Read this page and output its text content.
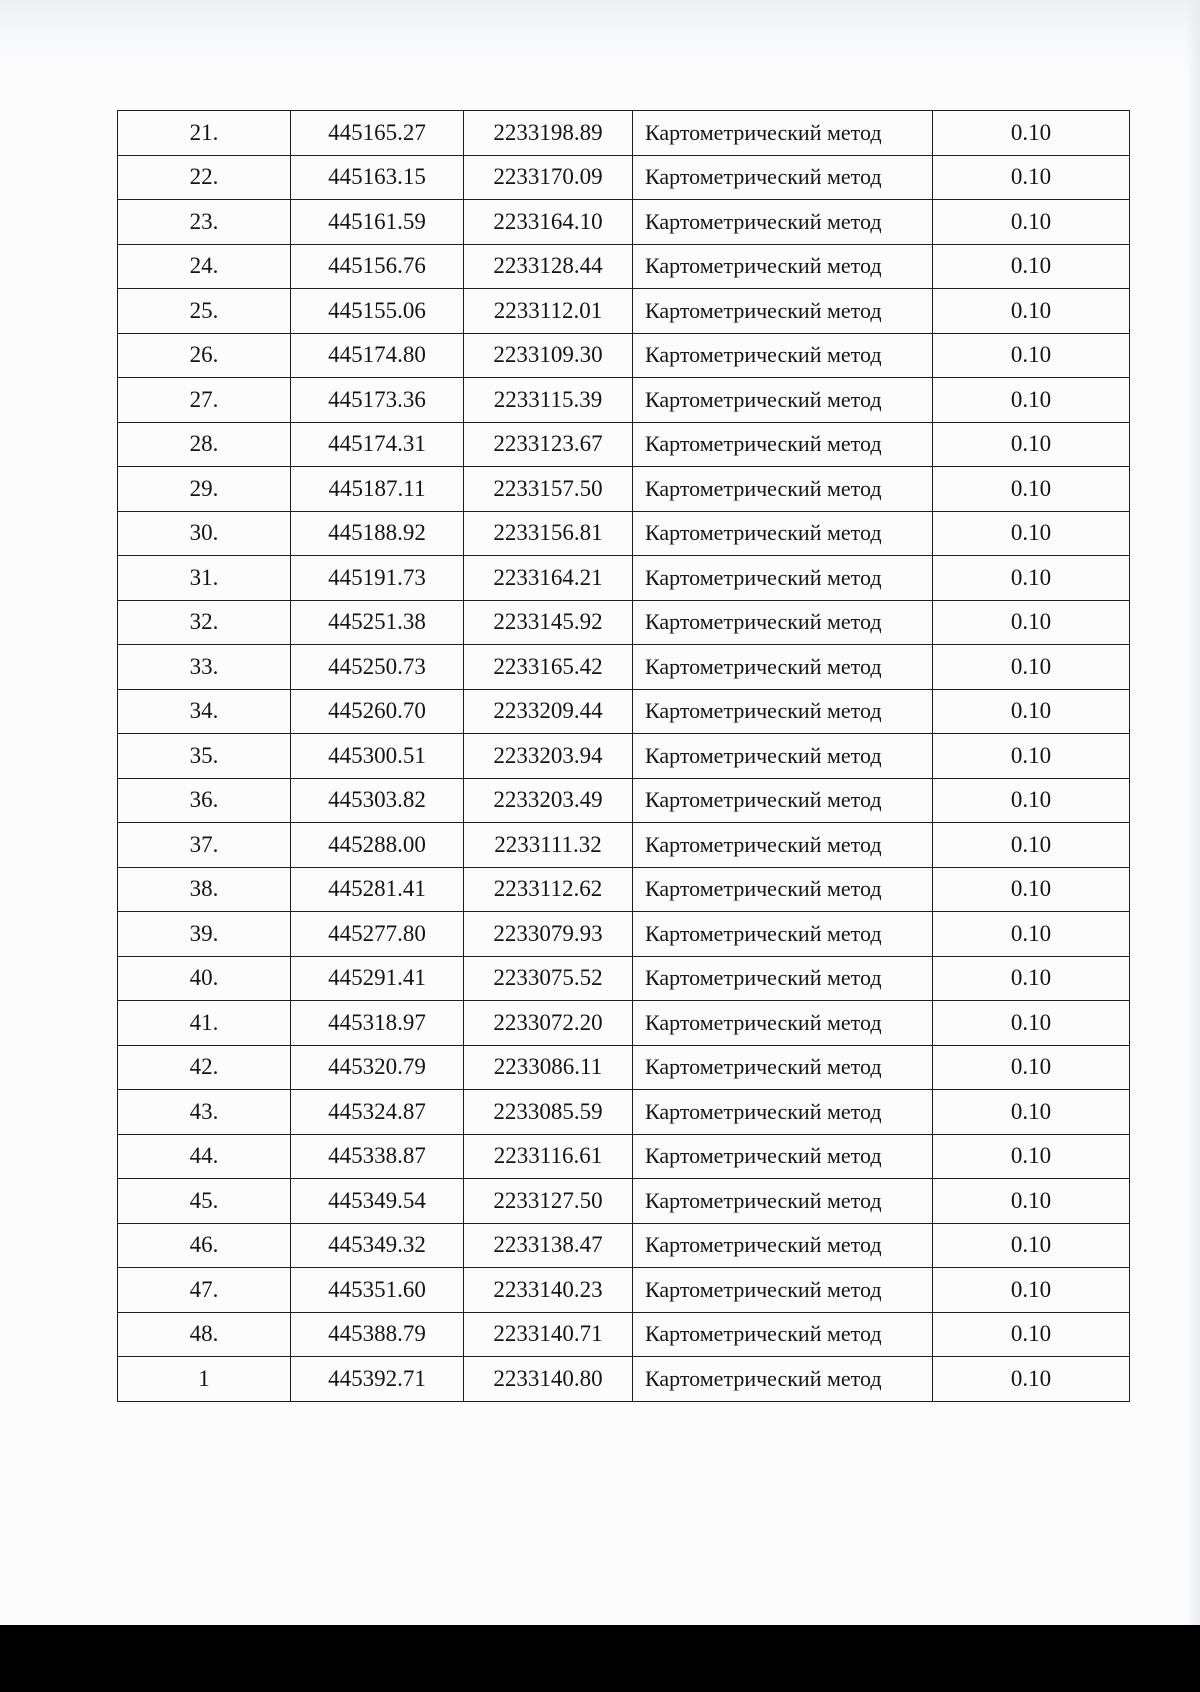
21.	445165.27	2233198.89	Картометрический метод	0.10
22.	445163.15	2233170.09	Картометрический метод	0.10
23.	445161.59	2233164.10	Картометрический метод	0.10
24.	445156.76	2233128.44	Картометрический метод	0.10
25.	445155.06	2233112.01	Картометрический метод	0.10
26.	445174.80	2233109.30	Картометрический метод	0.10
27.	445173.36	2233115.39	Картометрический метод	0.10
28.	445174.31	2233123.67	Картометрический метод	0.10
29.	445187.11	2233157.50	Картометрический метод	0.10
30.	445188.92	2233156.81	Картометрический метод	0.10
31.	445191.73	2233164.21	Картометрический метод	0.10
32.	445251.38	2233145.92	Картометрический метод	0.10
33.	445250.73	2233165.42	Картометрический метод	0.10
34.	445260.70	2233209.44	Картометрический метод	0.10
35.	445300.51	2233203.94	Картометрический метод	0.10
36.	445303.82	2233203.49	Картометрический метод	0.10
37.	445288.00	2233111.32	Картометрический метод	0.10
38.	445281.41	2233112.62	Картометрический метод	0.10
39.	445277.80	2233079.93	Картометрический метод	0.10
40.	445291.41	2233075.52	Картометрический метод	0.10
41.	445318.97	2233072.20	Картометрический метод	0.10
42.	445320.79	2233086.11	Картометрический метод	0.10
43.	445324.87	2233085.59	Картометрический метод	0.10
44.	445338.87	2233116.61	Картометрический метод	0.10
45.	445349.54	2233127.50	Картометрический метод	0.10
46.	445349.32	2233138.47	Картометрический метод	0.10
47.	445351.60	2233140.23	Картометрический метод	0.10
48.	445388.79	2233140.71	Картометрический метод	0.10
1	445392.71	2233140.80	Картометрический метод	0.10
